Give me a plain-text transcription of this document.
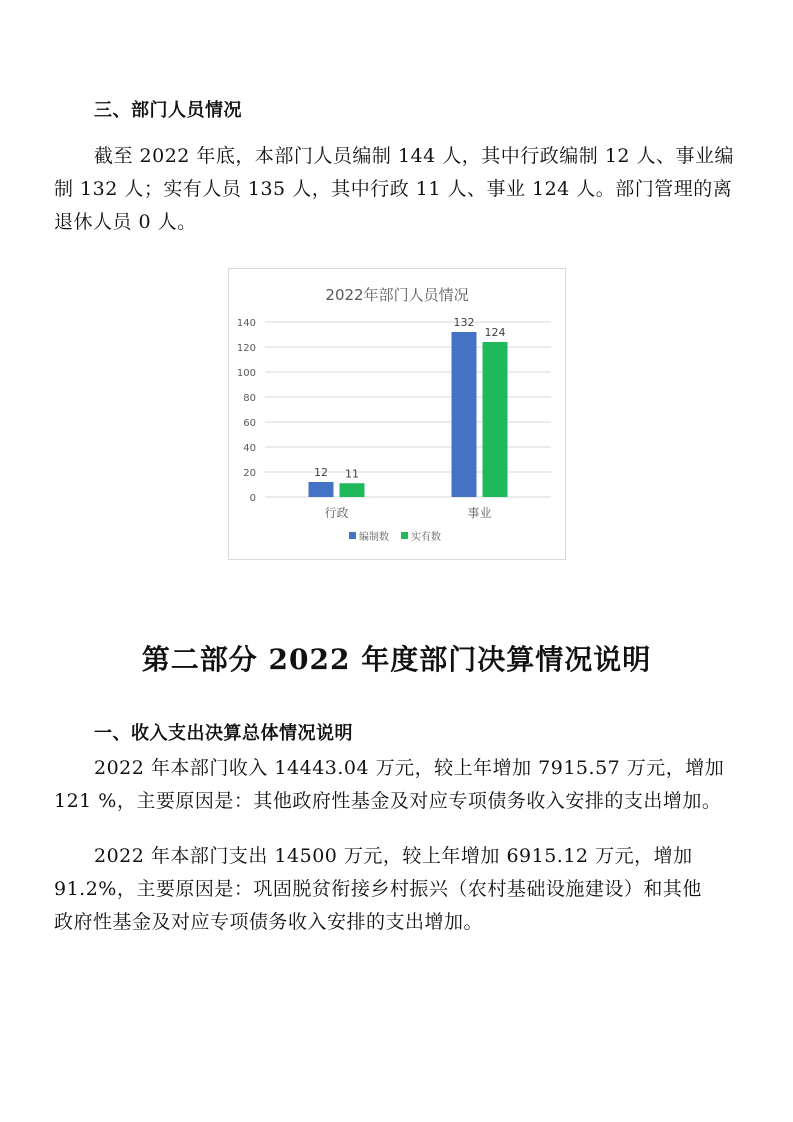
三、部门人员情况
截至 2022 年底，本部门人员编制 144 人，其中行政编制 12 人、事业编
制 132 人；实有人员 135 人，其中行政 11 人、事业 124 人。部门管理的离
退休人员 0 人。
2022年部门人员情况
0
20
40
60
80
100
120
140
12 11
行政
132
124
事业
编制数 实有数
第二部分 2022 年度部门决算情况说明
一、收入支出决算总体情况说明
2022 年本部门收入 14443.04 万元，较上年增加 7915.57 万元，增加
121 %，主要原因是：其他政府性基金及对应专项债务收入安排的支出增加。
2022 年本部门支出 14500 万元，较上年增加 6915.12 万元，增加
91.2%，主要原因是：巩固脱贫衔接乡村振兴（农村基础设施建设）和其他
政府性基金及对应专项债务收入安排的支出增加。
